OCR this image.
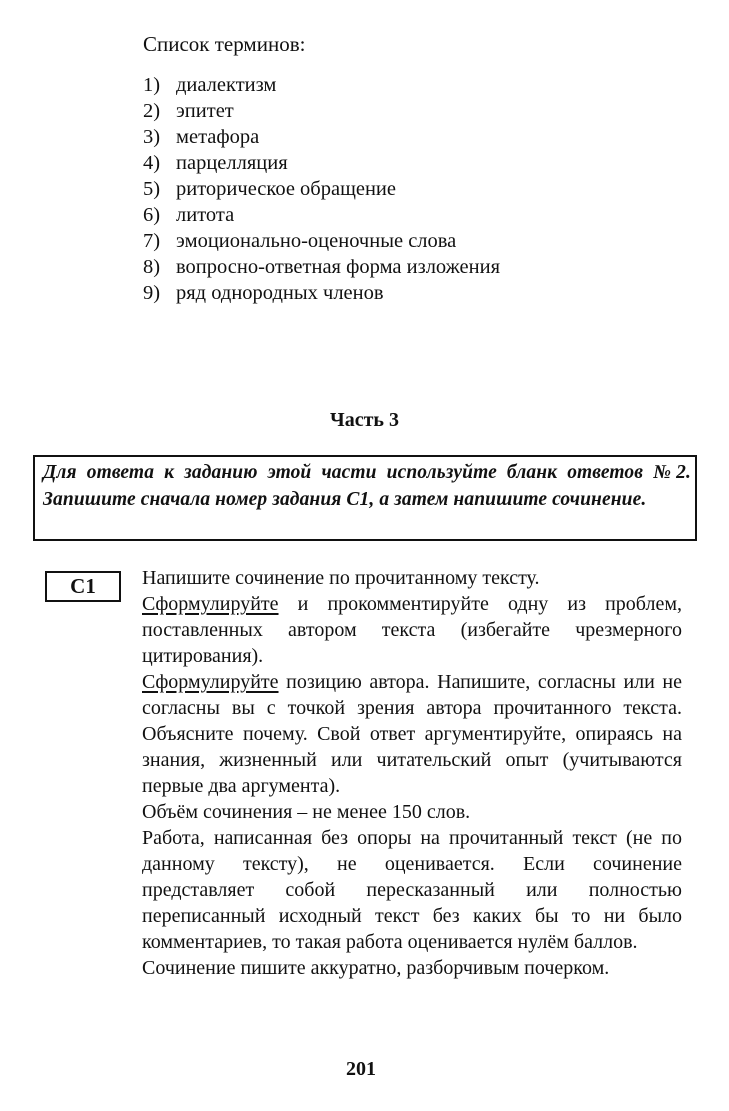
Список терминов:
1) диалектизм
2) эпитет
3) метафора
4) парцелляция
5) риторическое обращение
6) литота
7) эмоционально-оценочные слова
8) вопросно-ответная форма изложения
9) ряд однородных членов
Часть 3

Для ответа к заданию этой части используйте бланк ответов №2. Запишите сначала номер задания С1, а затем напишите сочинение.

С1	Напишите сочинение по прочитанному тексту.

Сформулируйте и прокомментируйте одну из проблем, поставленных автором текста (избегайте чрезмерного цитирования).

Сформулируйте позицию автора. Напишите, согласны или не согласны вы с точкой зрения автора прочитанного текста. Объясните почему. Свой ответ аргументируйте, опираясь на знания, жизненный или читательский опыт (учитываются первые два аргумента).

Объём сочинения – не менее 150 слов.

Работа, написанная без опоры на прочитанный текст (не по данному тексту), не оценивается. Если сочинение представляет собой пересказанный или полностью переписанный исходный текст без каких бы то ни было комментариев, то такая работа оценивается нулём баллов.

Сочинение пишите аккуратно, разборчивым почерком.

201
